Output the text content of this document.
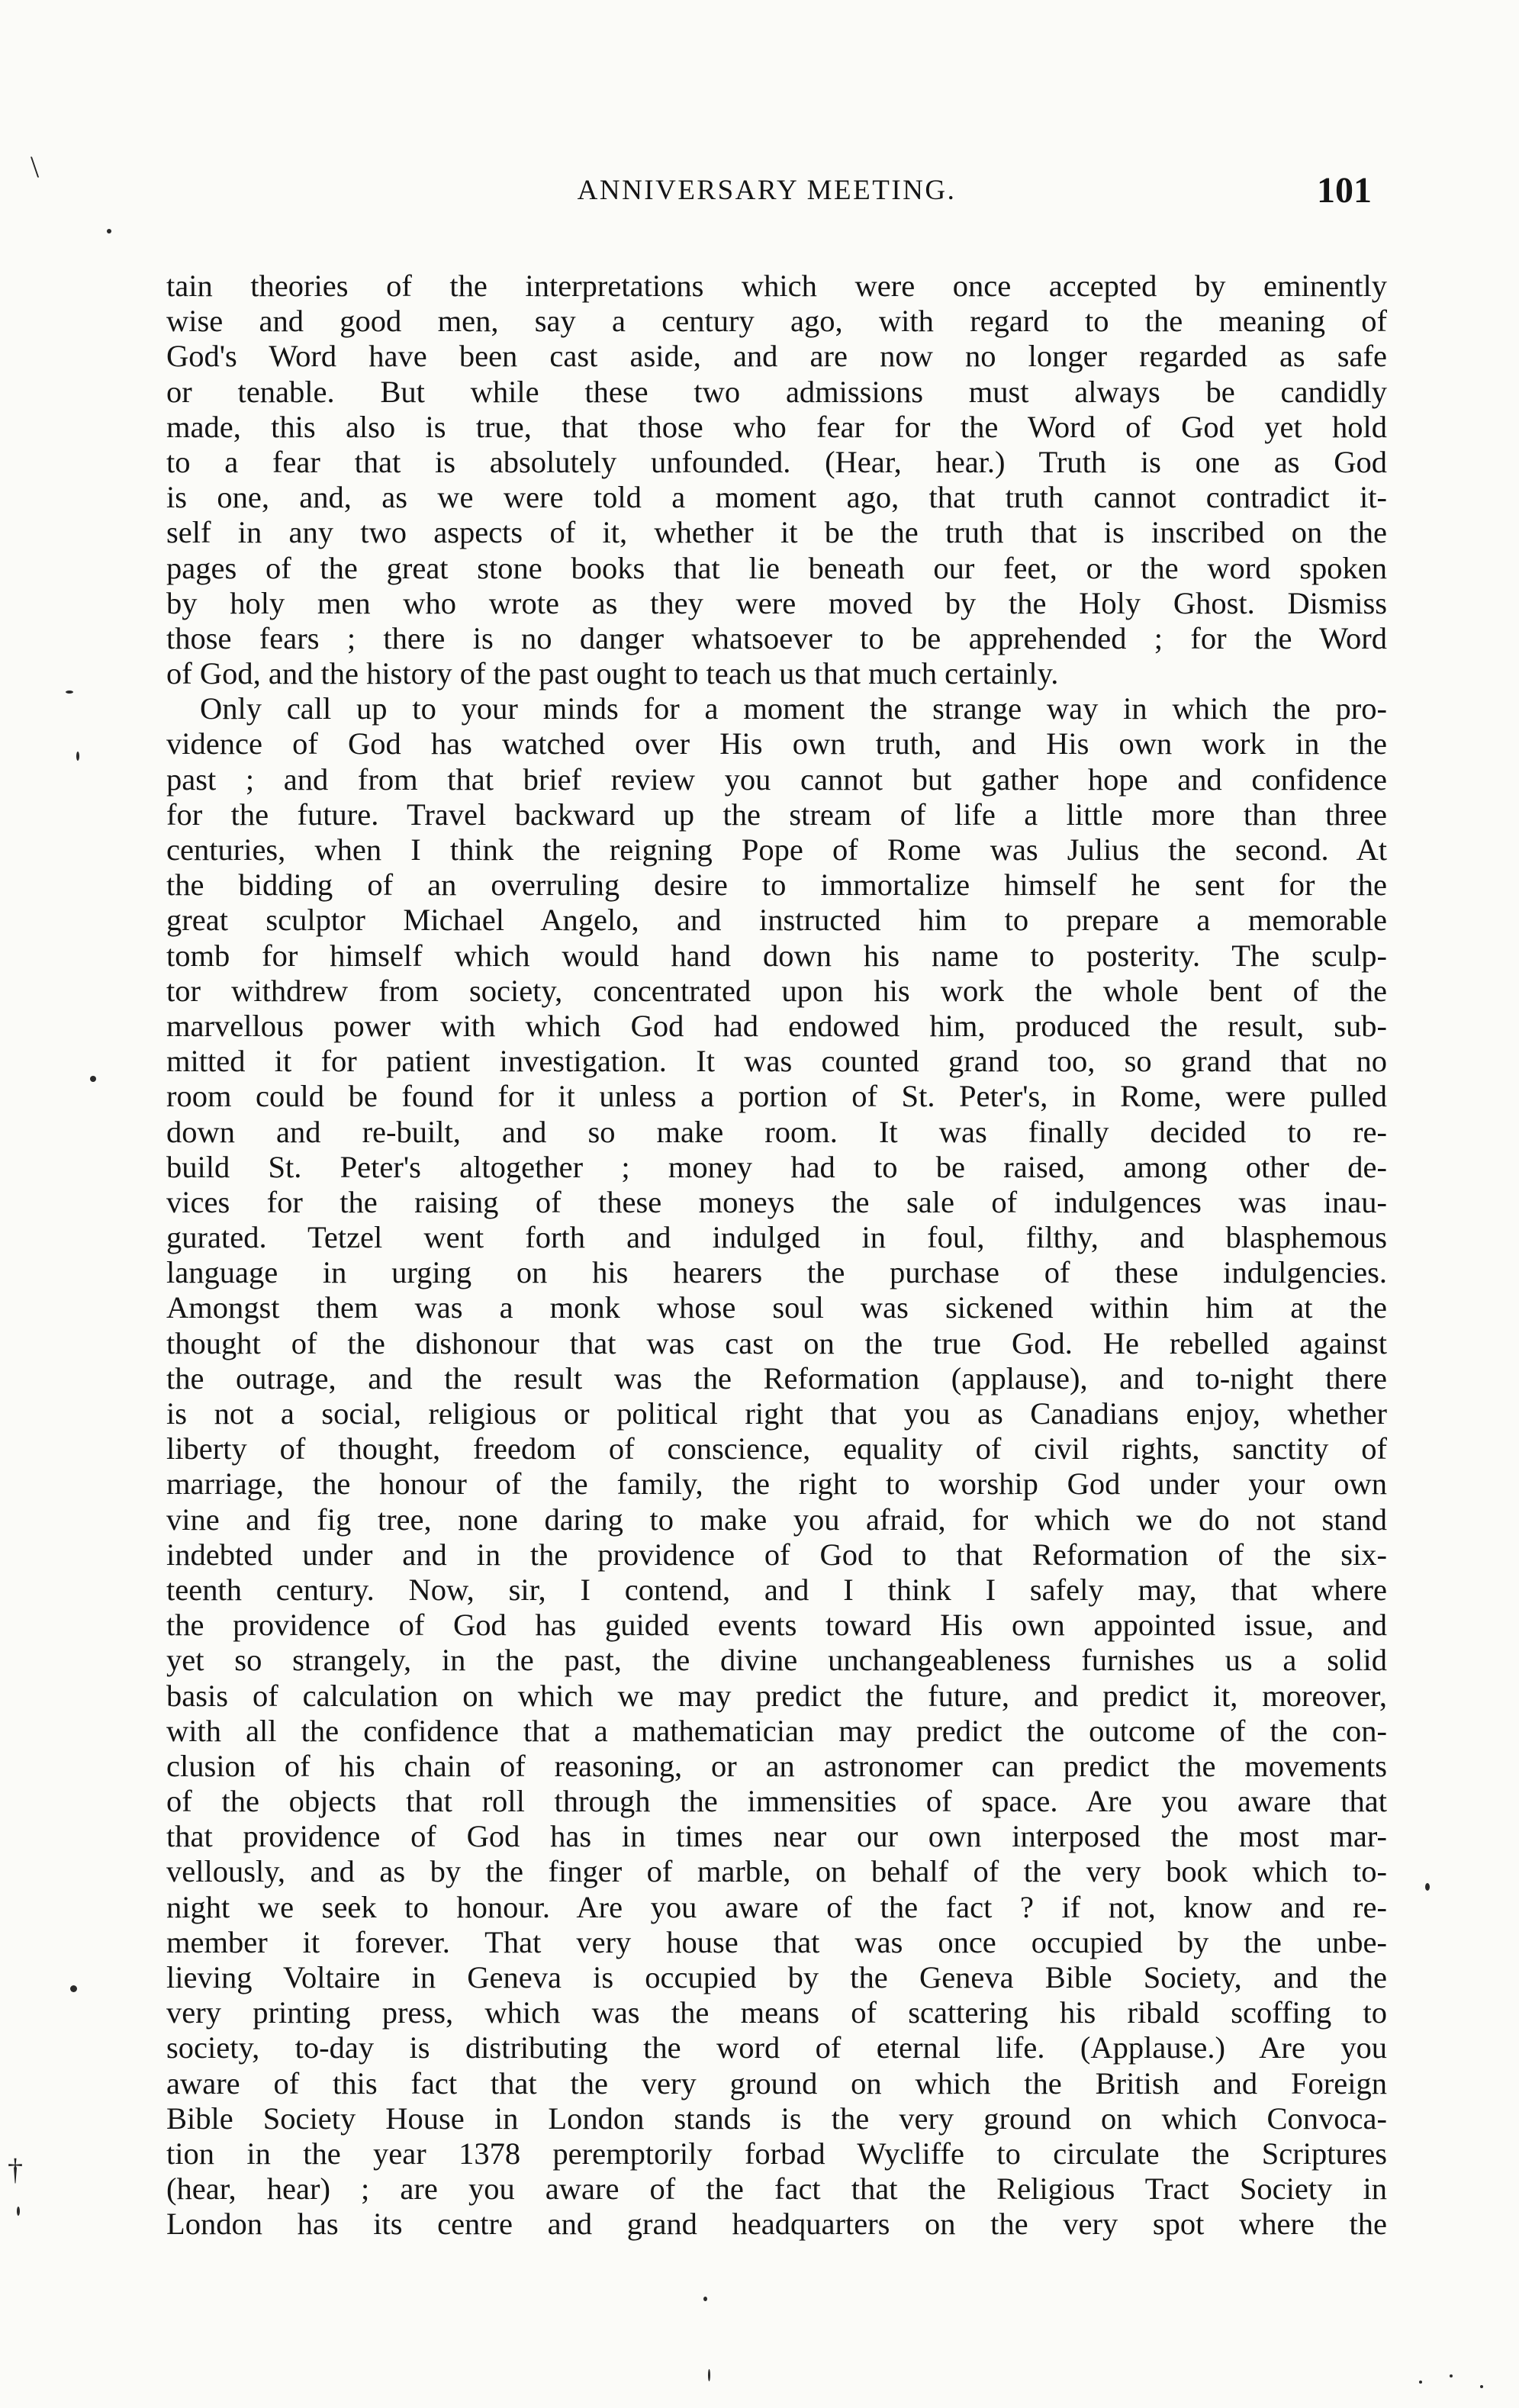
ANNIVERSARY MEETING.	101
tain theories of the interpretations which were once accepted by eminently
wise and good men, say a century ago, with regard to the meaning of
God's Word have been cast aside, and are now no longer regarded as safe
or tenable. But while these two admissions must always be candidly
made, this also is true, that those who fear for the Word of God yet hold
to a fear that is absolutely unfounded. (Hear, hear.) Truth is one as God
is one, and, as we were told a moment ago, that truth cannot contradict it-
self in any two aspects of it, whether it be the truth that is inscribed on the
pages of the great stone books that lie beneath our feet, or the word spoken
by holy men who wrote as they were moved by the Holy Ghost. Dismiss
those fears ; there is no danger whatsoever to be apprehended ; for the Word
of God, and the history of the past ought to teach us that much certainly.
Only call up to your minds for a moment the strange way in which the pro-
vidence of God has watched over His own truth, and His own work in the
past ; and from that brief review you cannot but gather hope and confidence
for the future. Travel backward up the stream of life a little more than three
centuries, when I think the reigning Pope of Rome was Julius the second. At
the bidding of an overruling desire to immortalize himself he sent for the
great sculptor Michael Angelo, and instructed him to prepare a memorable
tomb for himself which would hand down his name to posterity. The sculp-
tor withdrew from society, concentrated upon his work the whole bent of the
marvellous power with which God had endowed him, produced the result, sub-
mitted it for patient investigation. It was counted grand too, so grand that no
room could be found for it unless a portion of St. Peter's, in Rome, were pulled
down and re-built, and so make room. It was finally decided to re-
build St. Peter's altogether ; money had to be raised, among other de-
vices for the raising of these moneys the sale of indulgences was inau-
gurated. Tetzel went forth and indulged in foul, filthy, and blasphemous
language in urging on his hearers the purchase of these indulgencies.
Amongst them was a monk whose soul was sickened within him at the
thought of the dishonour that was cast on the true God. He rebelled against
the outrage, and the result was the Reformation (applause), and to-night there
is not a social, religious or political right that you as Canadians enjoy, whether
liberty of thought, freedom of conscience, equality of civil rights, sanctity of
marriage, the honour of the family, the right to worship God under your own
vine and fig tree, none daring to make you afraid, for which we do not stand
indebted under and in the providence of God to that Reformation of the six-
teenth century. Now, sir, I contend, and I think I safely may, that where
the providence of God has guided events toward His own appointed issue, and
yet so strangely, in the past, the divine unchangeableness furnishes us a solid
basis of calculation on which we may predict the future, and predict it, moreover,
with all the confidence that a mathematician may predict the outcome of the con-
clusion of his chain of reasoning, or an astronomer can predict the movements
of the objects that roll through the immensities of space. Are you aware that
that providence of God has in times near our own interposed the most mar-
vellously, and as by the finger of marble, on behalf of the very book which to-
night we seek to honour. Are you aware of the fact ? if not, know and re-
member it forever. That very house that was once occupied by the unbe-
lieving Voltaire in Geneva is occupied by the Geneva Bible Society, and the
very printing press, which was the means of scattering his ribald scoffing to
society, to-day is distributing the word of eternal life. (Applause.) Are you
aware of this fact that the very ground on which the British and Foreign
Bible Society House in London stands is the very ground on which Convoca-
tion in the year 1378 peremptorily forbad Wycliffe to circulate the Scriptures
(hear, hear) ; are you aware of the fact that the Religious Tract Society in
London has its centre and grand headquarters on the very spot where the
\
†
